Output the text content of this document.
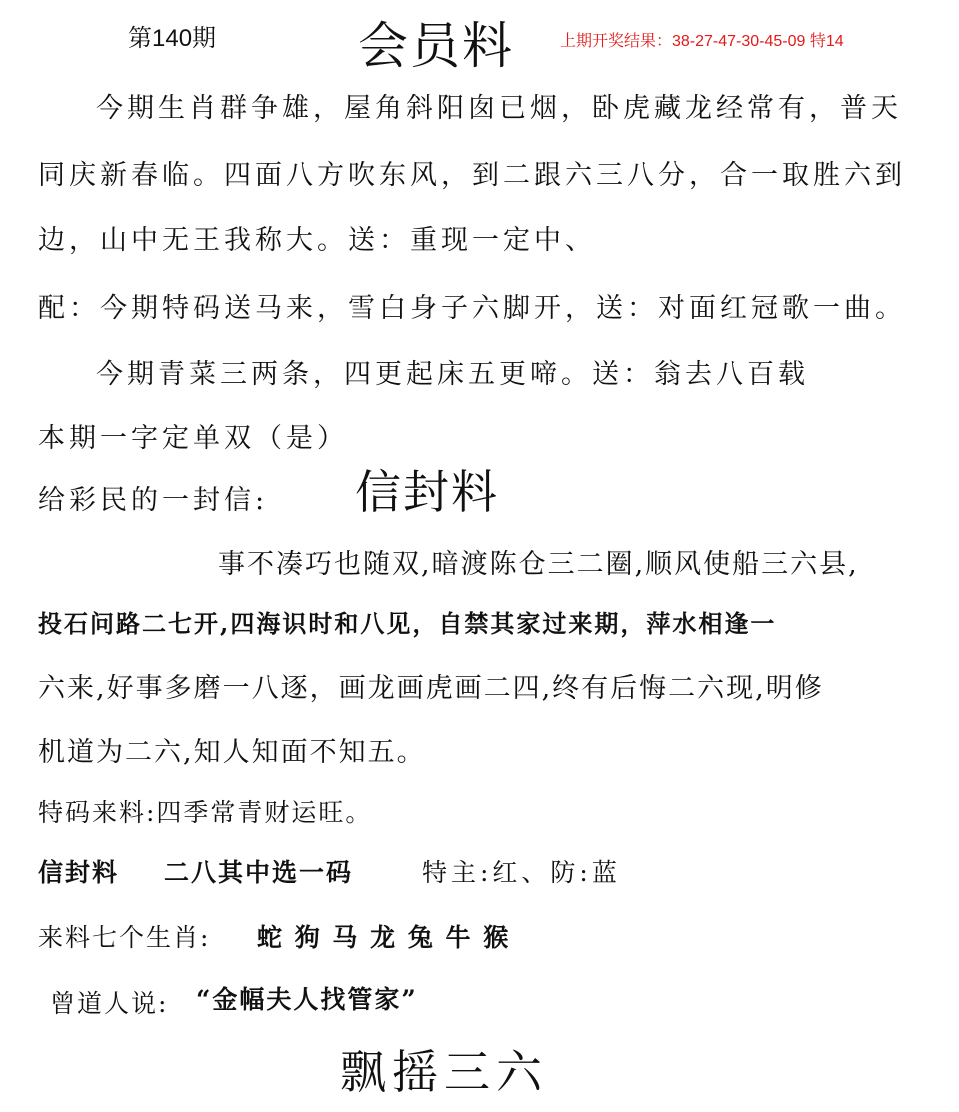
第140期	会员料	上期开奖结果：38-27-47-30-45-09 特14
今期生肖群争雄，屋角斜阳囱已烟，卧虎藏龙经常有，普天
同庆新春临。四面八方吹东风，到二跟六三八分，合一取胜六到
边，山中无王我称大。送：重现一定中、
配：今期特码送马来，雪白身子六脚开，送：对面红冠歌一曲。
今期青菜三两条，四更起床五更啼。送：翁去八百载
本期一字定单双（是）
给彩民的一封信: 信封料
事不凑巧也随双,暗渡陈仓三二圈,顺风使船三六县,
投石问路二七开,四海识时和八见，自禁其家过来期，萍水相逢一
六来,好事多磨一八逐，画龙画虎画二四,终有后悔二六现,明修
机道为二六,知人知面不知五。
特码来料:四季常青财运旺。
信封料 二八其中选一码	特主:红、防:蓝
来料七个生肖: 蛇 狗 马 龙 兔 牛 猴
曾道人说: “金幅夫人找管家”
飘摇三六
